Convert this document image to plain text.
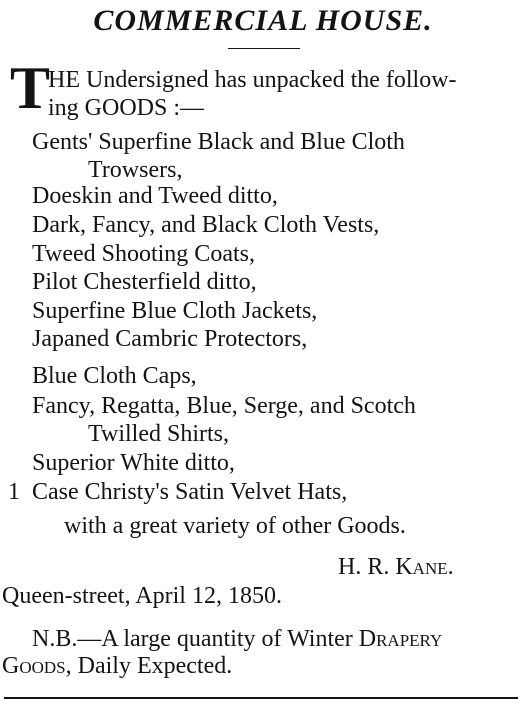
COMMERCIAL HOUSE.
T
HE Undersigned has unpacked the follow-
ing GOODS :—
Gents' Superfine Black and Blue Cloth
Trowsers,
Doeskin and Tweed ditto,
Dark, Fancy, and Black Cloth Vests,
Tweed Shooting Coats,
Pilot Chesterfield ditto,
Superfine Blue Cloth Jackets,
Japaned Cambric Protectors,
Blue Cloth Caps,
Fancy, Regatta, Blue, Serge, and Scotch
Twilled Shirts,
Superior White ditto,
1 Case Christy's Satin Velvet Hats,
with a great variety of other Goods.
H. R. Kane.
Queen-street, April 12, 1850.
N.B.—A large quantity of Winter Drapery
Goods, Daily Expected.
